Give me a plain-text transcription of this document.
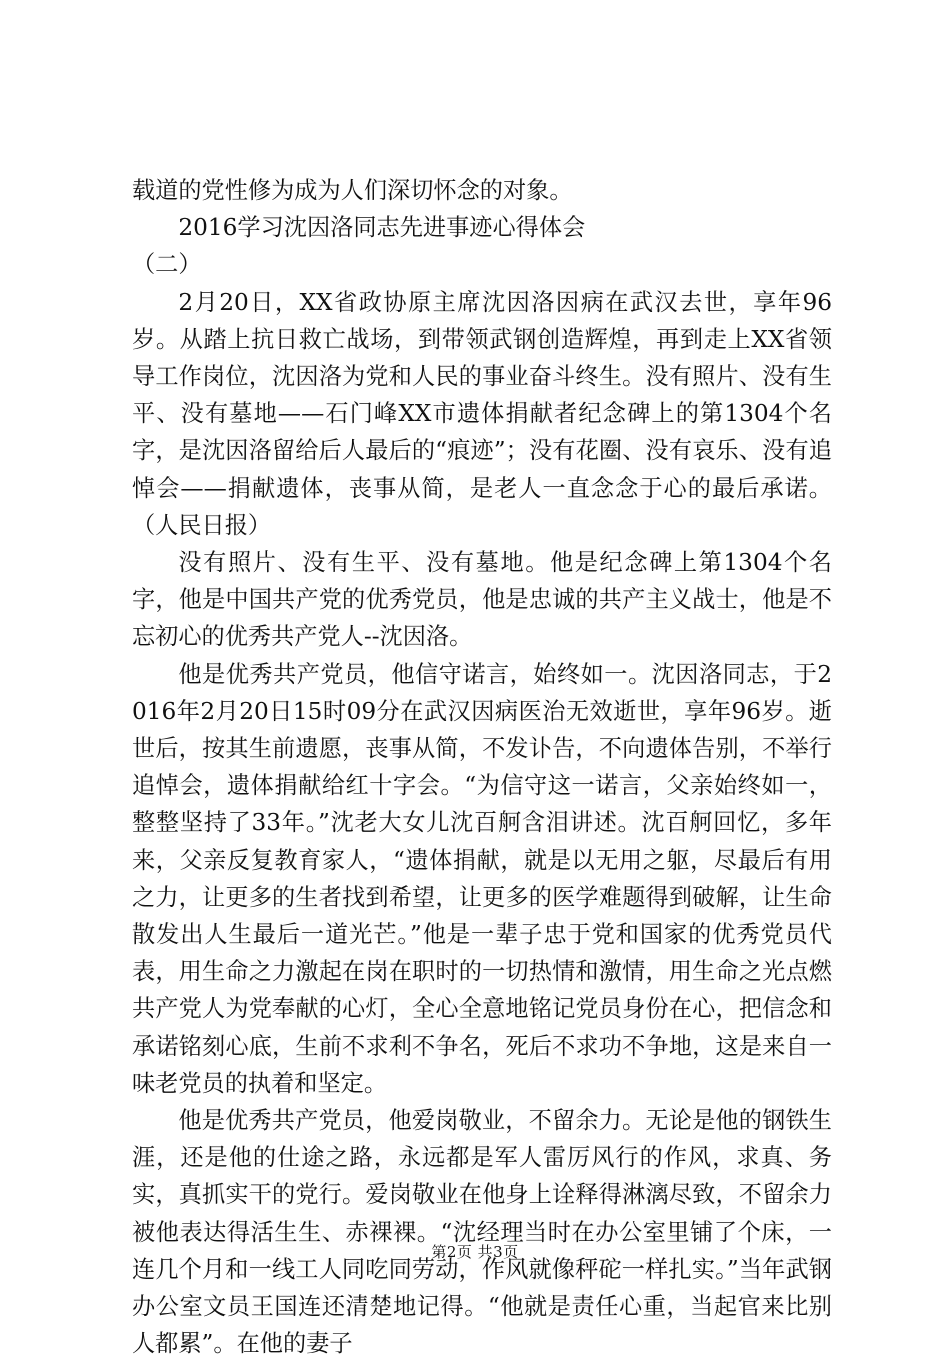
载道的党性修为成为人们深切怀念的对象。

2016学习沈因洛同志先进事迹心得体会

（二）

2月20日，XX省政协原主席沈因洛因病在武汉去世，享年96岁。从踏上抗日救亡战场，到带领武钢创造辉煌，再到走上XX省领导工作岗位，沈因洛为党和人民的事业奋斗终生。没有照片、没有生平、没有墓地——石门峰XX市遗体捐献者纪念碑上的第1304个名字，是沈因洛留给后人最后的“痕迹”；没有花圈、没有哀乐、没有追悼会——捐献遗体，丧事从简，是老人一直念念于心的最后承诺。（人民日报）

没有照片、没有生平、没有墓地。他是纪念碑上第1304个名字，他是中国共产党的优秀党员，他是忠诚的共产主义战士，他是不忘初心的优秀共产党人--沈因洛。

他是优秀共产党员，他信守诺言，始终如一。沈因洛同志，于2016年2月20日15时09分在武汉因病医治无效逝世，享年96岁。逝世后，按其生前遗愿，丧事从简，不发讣告，不向遗体告别，不举行追悼会，遗体捐献给红十字会。“为信守这一诺言，父亲始终如一，整整坚持了33年。”沈老大女儿沈百舸含泪讲述。沈百舸回忆，多年来，父亲反复教育家人，“遗体捐献，就是以无用之躯，尽最后有用之力，让更多的生者找到希望，让更多的医学难题得到破解，让生命散发出人生最后一道光芒。”他是一辈子忠于党和国家的优秀党员代表，用生命之力激起在岗在职时的一切热情和激情，用生命之光点燃共产党人为党奉献的心灯，全心全意地铭记党员身份在心，把信念和承诺铭刻心底，生前不求利不争名，死后不求功不争地，这是来自一味老党员的执着和坚定。

他是优秀共产党员，他爱岗敬业，不留余力。无论是他的钢铁生涯，还是他的仕途之路，永远都是军人雷厉风行的作风，求真、务实，真抓实干的党行。爱岗敬业在他身上诠释得淋漓尽致，不留余力被他表达得活生生、赤裸裸。“沈经理当时在办公室里铺了个床，一连几个月和一线工人同吃同劳动，作风就像秤砣一样扎实。”当年武钢办公室文员王国连还清楚地记得。“他就是责任心重，当起官来比别人都累”。在他的妻子

第2页 共3页
